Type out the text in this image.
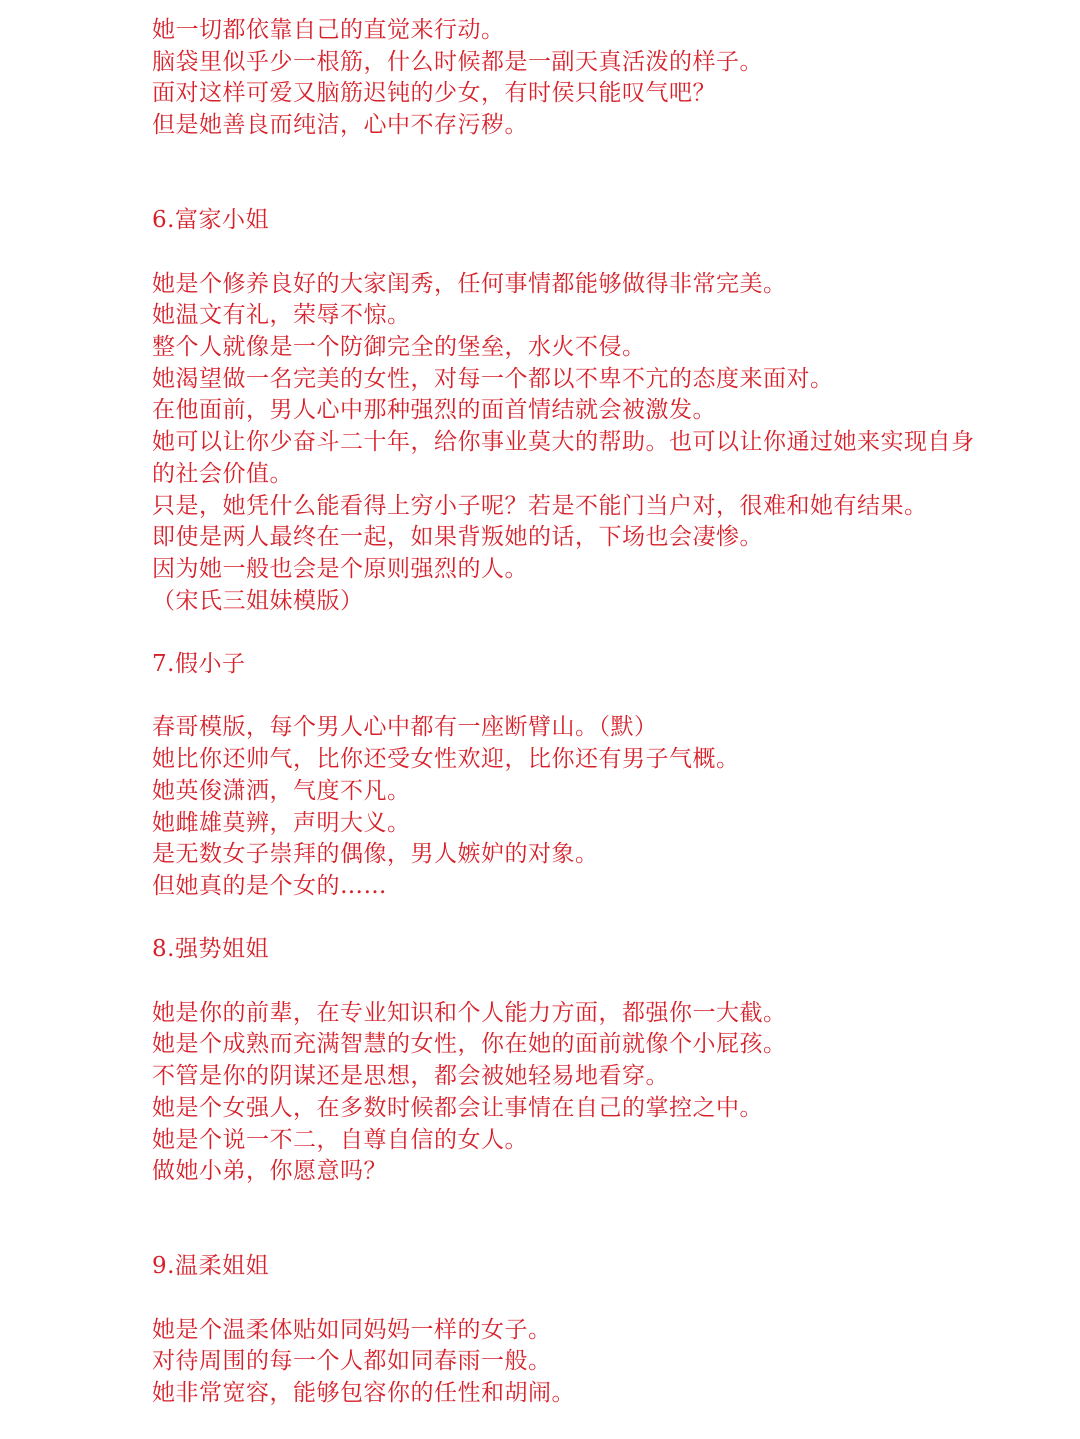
她一切都依靠自己的直觉来行动。

脑袋里似乎少一根筋，什么时候都是一副天真活泼的样子。

面对这样可爱又脑筋迟钝的少女，有时侯只能叹气吧？

但是她善良而纯洁，心中不存污秽。

6.富家小姐

她是个修养良好的大家闺秀，任何事情都能够做得非常完美。

她温文有礼，荣辱不惊。

整个人就像是一个防御完全的堡垒，水火不侵。

她渴望做一名完美的女性，对每一个都以不卑不亢的态度来面对。

在他面前，男人心中那种强烈的面首情结就会被激发。

她可以让你少奋斗二十年，给你事业莫大的帮助。也可以让你通过她来实现自身

的社会价值。

只是，她凭什么能看得上穷小子呢？若是不能门当户对，很难和她有结果。

即使是两人最终在一起，如果背叛她的话，下场也会凄惨。

因为她一般也会是个原则强烈的人。

（宋氏三姐妹模版）

7.假小子

春哥模版，每个男人心中都有一座断臂山。（默）

她比你还帅气，比你还受女性欢迎，比你还有男子气概。

她英俊潇洒，气度不凡。

她雌雄莫辨，声明大义。

是无数女子崇拜的偶像，男人嫉妒的对象。

但她真的是个女的……

8.强势姐姐

她是你的前辈，在专业知识和个人能力方面，都强你一大截。

她是个成熟而充满智慧的女性，你在她的面前就像个小屁孩。

不管是你的阴谋还是思想，都会被她轻易地看穿。

她是个女强人，在多数时候都会让事情在自己的掌控之中。

她是个说一不二，自尊自信的女人。

做她小弟，你愿意吗？

9.温柔姐姐

她是个温柔体贴如同妈妈一样的女子。

对待周围的每一个人都如同春雨一般。

她非常宽容，能够包容你的任性和胡闹。
